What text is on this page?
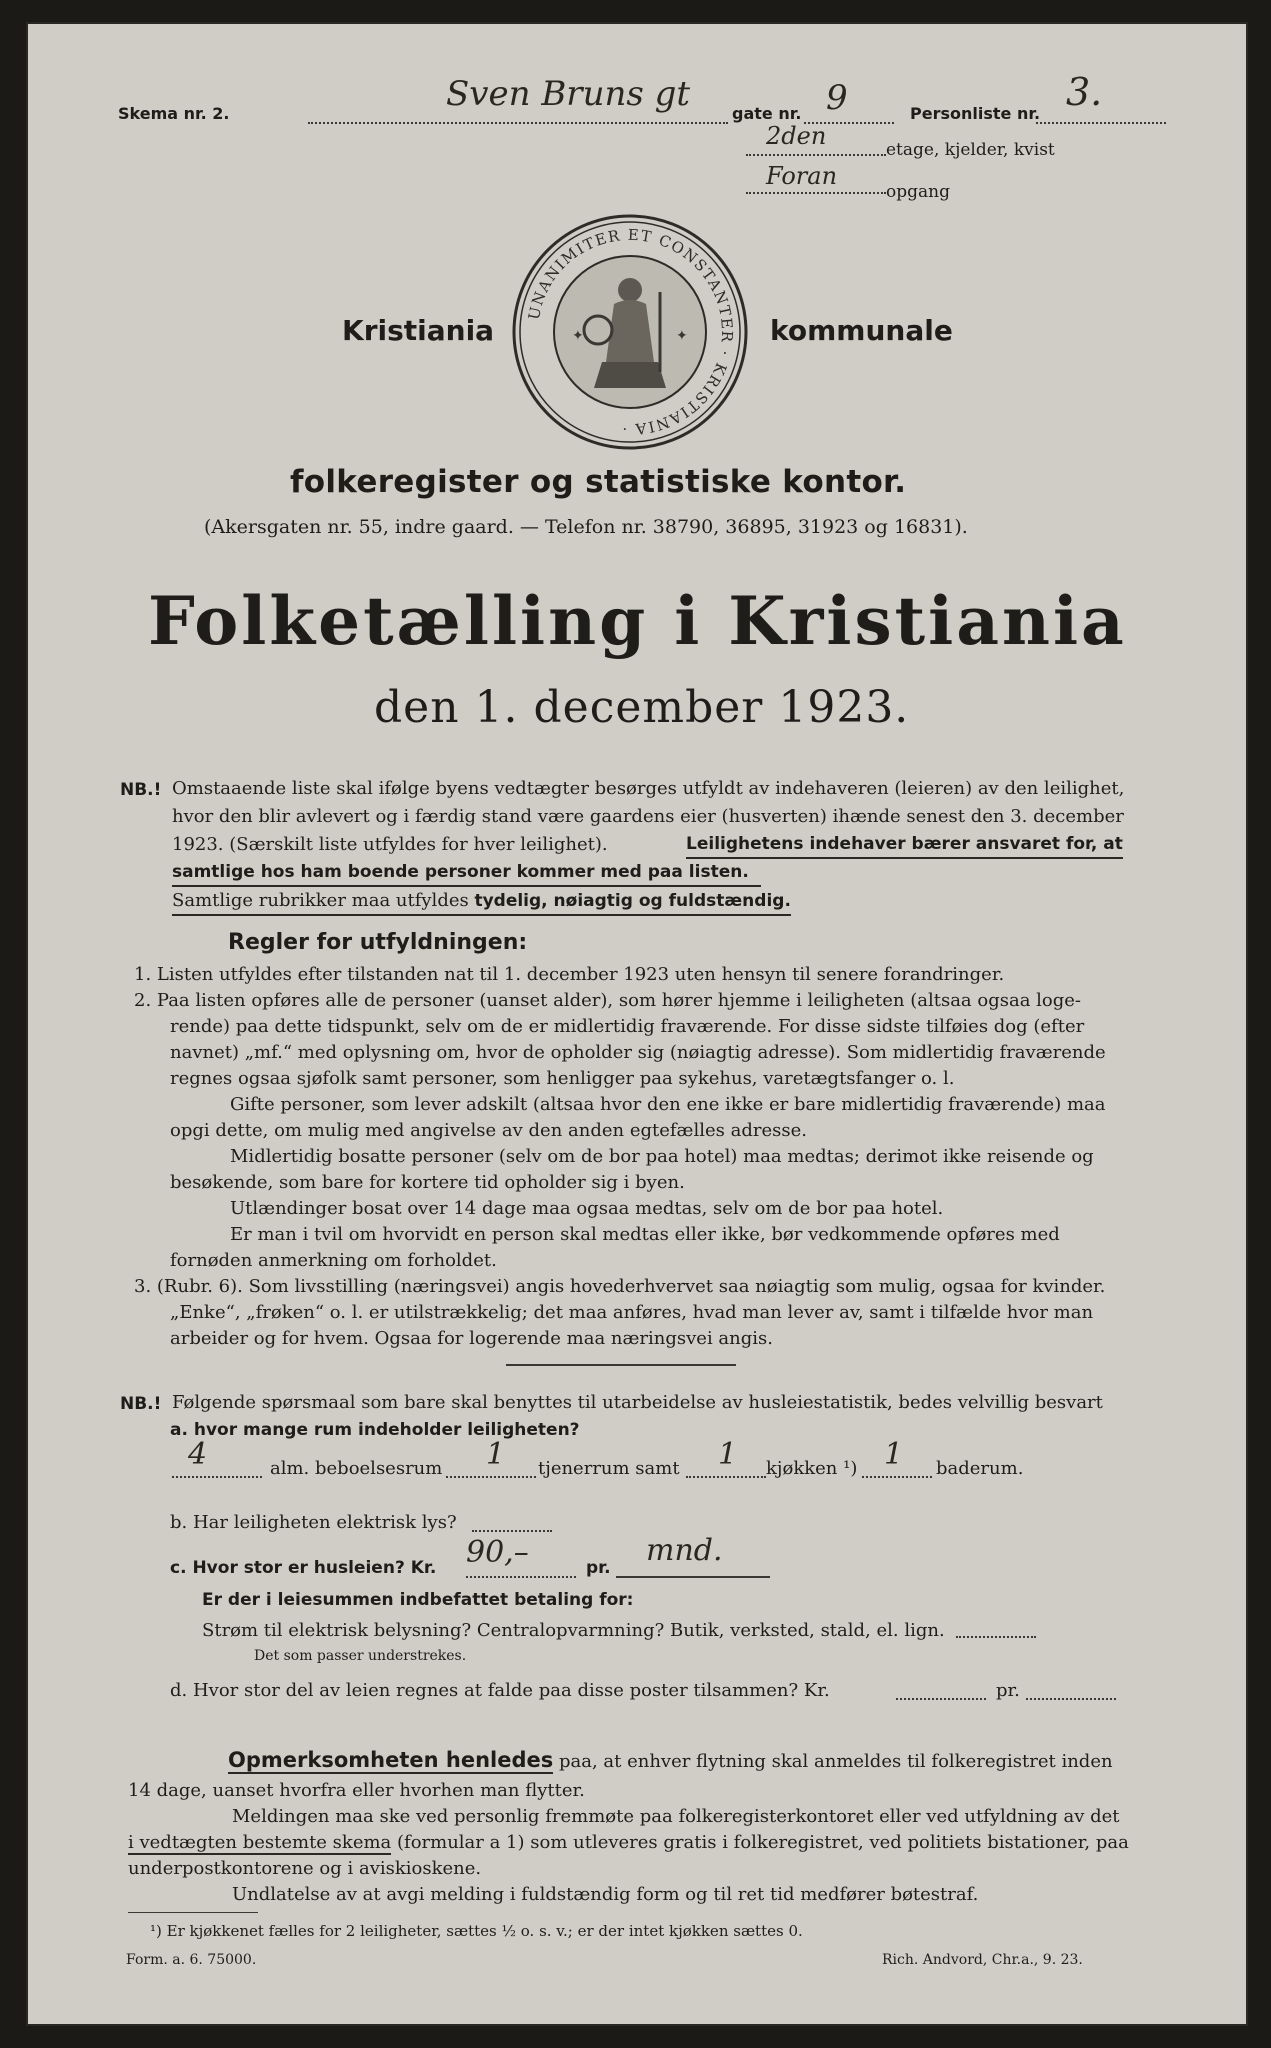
Skema nr. 2.	Sven Bruns gt	gate nr. 9	Personliste nr. 3.
2den	etage, kjelder, kvist
Foran
opgang
Kristiania	kommunale
UNANIMITER ET CONSTANTER · KRISTIANIA ·
✦	✦
folkeregister og statistiske kontor.
(Akersgaten nr. 55, indre gaard. — Telefon nr. 38790, 36895, 31923 og 16831).
Folketælling i Kristiania
den 1. december 1923.
NB.! Omstaaende liste skal ifølge byens vedtægter besørges utfyldt av indehaveren (leieren) av den leilighet,
hvor den blir avlevert og i færdig stand være gaardens eier (husverten) ihænde senest den 3. december
1923. (Særskilt liste utfyldes for hver leilighet).	Leilighetens indehaver bærer ansvaret for, at
samtlige hos ham boende personer kommer med paa listen.
Samtlige rubrikker maa utfyldes tydelig, nøiagtig og fuldstændig.
Regler for utfyldningen:
1. Listen utfyldes efter tilstanden nat til 1. december 1923 uten hensyn til senere forandringer.
2. Paa listen opføres alle de personer (uanset alder), som hører hjemme i leiligheten (altsaa ogsaa loge-
rende) paa dette tidspunkt, selv om de er midlertidig fraværende. For disse sidste tilføies dog (efter
navnet) „mf.“ med oplysning om, hvor de opholder sig (nøiagtig adresse). Som midlertidig fraværende
regnes ogsaa sjøfolk samt personer, som henligger paa sykehus, varetægtsfanger o. l.
Gifte personer, som lever adskilt (altsaa hvor den ene ikke er bare midlertidig fraværende) maa
opgi dette, om mulig med angivelse av den anden egtefælles adresse.
Midlertidig bosatte personer (selv om de bor paa hotel) maa medtas; derimot ikke reisende og
besøkende, som bare for kortere tid opholder sig i byen.
Utlændinger bosat over 14 dage maa ogsaa medtas, selv om de bor paa hotel.
Er man i tvil om hvorvidt en person skal medtas eller ikke, bør vedkommende opføres med
fornøden anmerkning om forholdet.
3. (Rubr. 6). Som livsstilling (næringsvei) angis hovederhvervet saa nøiagtig som mulig, ogsaa for kvinder.
„Enke“, „frøken“ o. l. er utilstrækkelig; det maa anføres, hvad man lever av, samt i tilfælde hvor man
arbeider og for hvem. Ogsaa for logerende maa næringsvei angis.
NB.! Følgende spørsmaal som bare skal benyttes til utarbeidelse av husleiestatistik, bedes velvillig besvart
a. hvor mange rum indeholder leiligheten?
4	alm. beboelsesrum 1 tjenerrum samt 1 kjøkken ¹) 1 baderum.
b. Har leiligheten elektrisk lys?
c. Hvor stor er husleien? Kr. 90,–	pr. mnd.
Er der i leiesummen indbefattet betaling for:
Strøm til elektrisk belysning? Centralopvarmning? Butik, verksted, stald, el. lign.
Det som passer understrekes.
d. Hvor stor del av leien regnes at falde paa disse poster tilsammen? Kr.	pr.
Opmerksomheten henledes paa, at enhver flytning skal anmeldes til folkeregistret inden
14 dage, uanset hvorfra eller hvorhen man flytter.
Meldingen maa ske ved personlig fremmøte paa folkeregisterkontoret eller ved utfyldning av det
i vedtægten bestemte skema (formular a 1) som utleveres gratis i folkeregistret, ved politiets bistationer, paa
underpostkontorene og i aviskioskene.
Undlatelse av at avgi melding i fuldstændig form og til ret tid medfører bøtestraf.
¹) Er kjøkkenet fælles for 2 leiligheter, sættes ½ o. s. v.; er der intet kjøkken sættes 0.
Form. a. 6. 75000.	Rich. Andvord, Chr.a., 9. 23.
